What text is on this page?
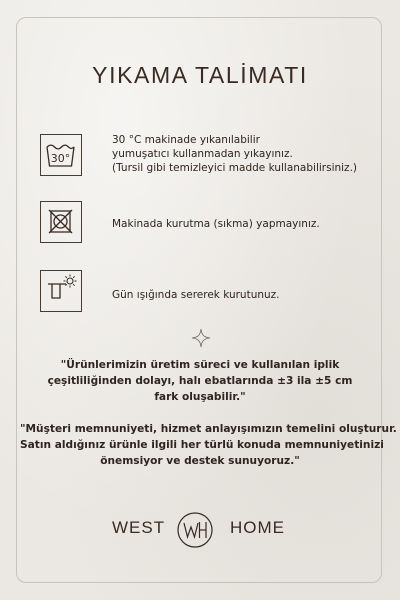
YIKAMA TALİMATI
30°
30 °C makinade yıkanılabilir
yumuşatıcı kullanmadan yıkayınız.
(Tursil gibi temizleyici madde kullanabilirsiniz.)
Makinada kurutma (sıkma) yapmayınız.
Gün ışığında sererek kurutunuz.
"Ürünlerimizin üretim süreci ve kullanılan iplik
çeşitliliğinden dolayı, halı ebatlarında ±3 ila ±5 cm
fark oluşabilir."
"Müşteri memnuniyeti, hizmet anlayışımızın temelini oluşturur.
Satın aldığınız ürünle ilgili her türlü konuda memnuniyetinizi
önemsiyor ve destek sunuyoruz."
WEST	HOME
